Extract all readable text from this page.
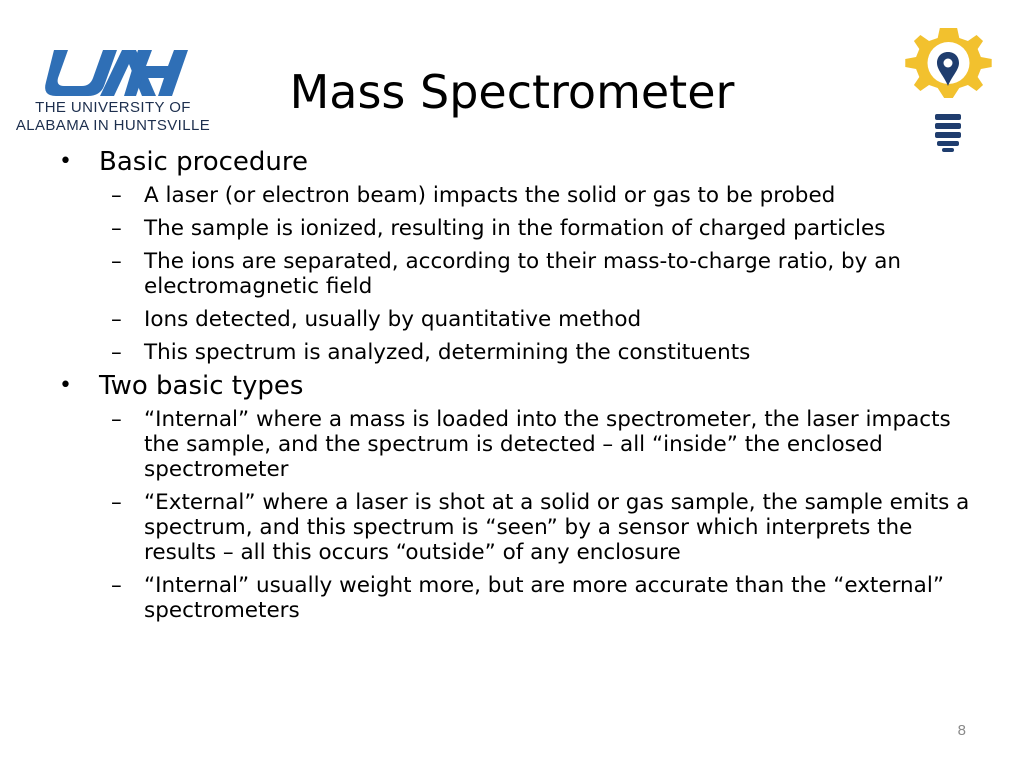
THE UNIVERSITY OF
ALABAMA IN HUNTSVILLE
Mass Spectrometer
• Basic procedure
– A laser (or electron beam) impacts the solid or gas to be probed
– The sample is ionized, resulting in the formation of charged particles
– The ions are separated, according to their mass-to-charge ratio, by an electromagnetic field
– Ions detected, usually by quantitative method
– This spectrum is analyzed, determining the constituents
• Two basic types
– “Internal” where a mass is loaded into the spectrometer, the laser impacts the sample, and the spectrum is detected – all “inside” the enclosed spectrometer
– “External” where a laser is shot at a solid or gas sample, the sample emits a spectrum, and this spectrum is “seen” by a sensor which interprets the results – all this occurs “outside” of any enclosure
– “Internal” usually weight more, but are more accurate than the “external” spectrometers
8
